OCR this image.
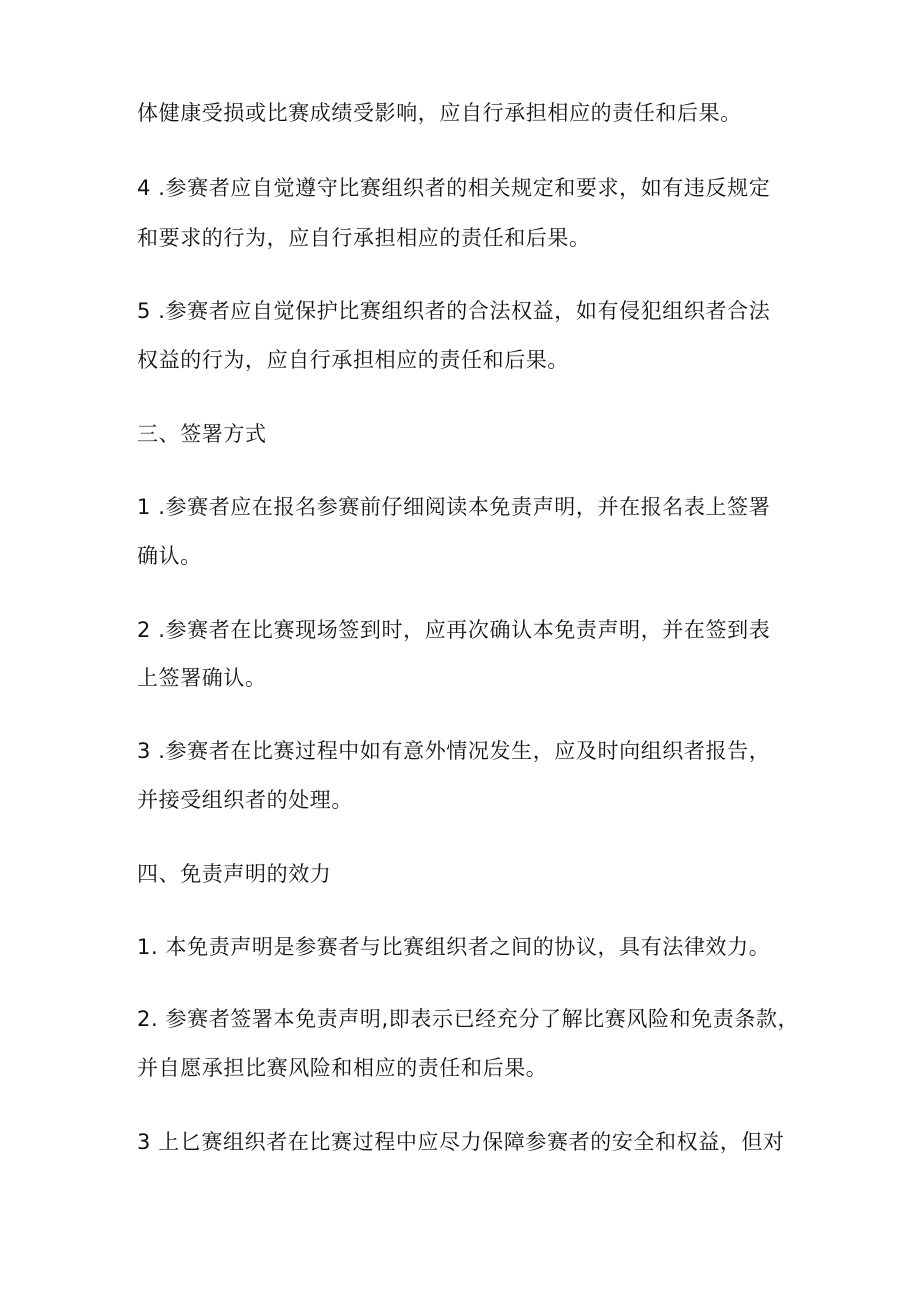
体健康受损或比赛成绩受影响，应自行承担相应的责任和后果。
4 .参赛者应自觉遵守比赛组织者的相关规定和要求，如有违反规定
和要求的行为，应自行承担相应的责任和后果。
5 .参赛者应自觉保护比赛组织者的合法权益，如有侵犯组织者合法
权益的行为，应自行承担相应的责任和后果。
三、签署方式
1 .参赛者应在报名参赛前仔细阅读本免责声明，并在报名表上签署
确认。
2 .参赛者在比赛现场签到时，应再次确认本免责声明，并在签到表
上签署确认。
3 .参赛者在比赛过程中如有意外情况发生，应及时向组织者报告，
并接受组织者的处理。
四、免责声明的效力
1. 本免责声明是参赛者与比赛组织者之间的协议，具有法律效力。
2. 参赛者签署本免责声明,即表示已经充分了解比赛风险和免责条款，
并自愿承担比赛风险和相应的责任和后果。
3 上匕赛组织者在比赛过程中应尽力保障参赛者的安全和权益，但对
